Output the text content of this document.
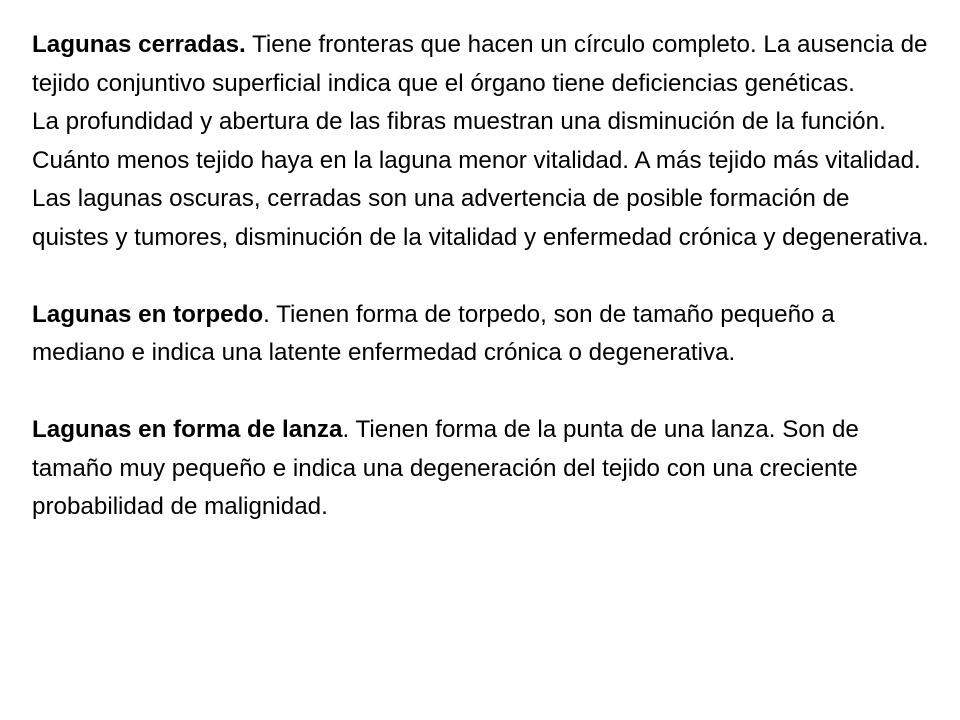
Lagunas cerradas. Tiene fronteras que hacen un círculo completo. La ausencia de tejido conjuntivo superficial indica que el órgano tiene deficiencias genéticas.

La profundidad y abertura de las fibras muestran una disminución de la función. Cuánto menos tejido haya en la laguna menor vitalidad. A más tejido más vitalidad.

Las lagunas oscuras, cerradas son una advertencia de posible formación de quistes y tumores, disminución de la vitalidad y enfermedad crónica y degenerativa.

Lagunas en torpedo. Tienen forma de torpedo, son de tamaño pequeño a mediano e indica una latente enfermedad crónica o degenerativa.

Lagunas en forma de lanza. Tienen forma de la punta de una lanza. Son de tamaño muy pequeño e indica una degeneración del tejido con una creciente probabilidad de malignidad.
